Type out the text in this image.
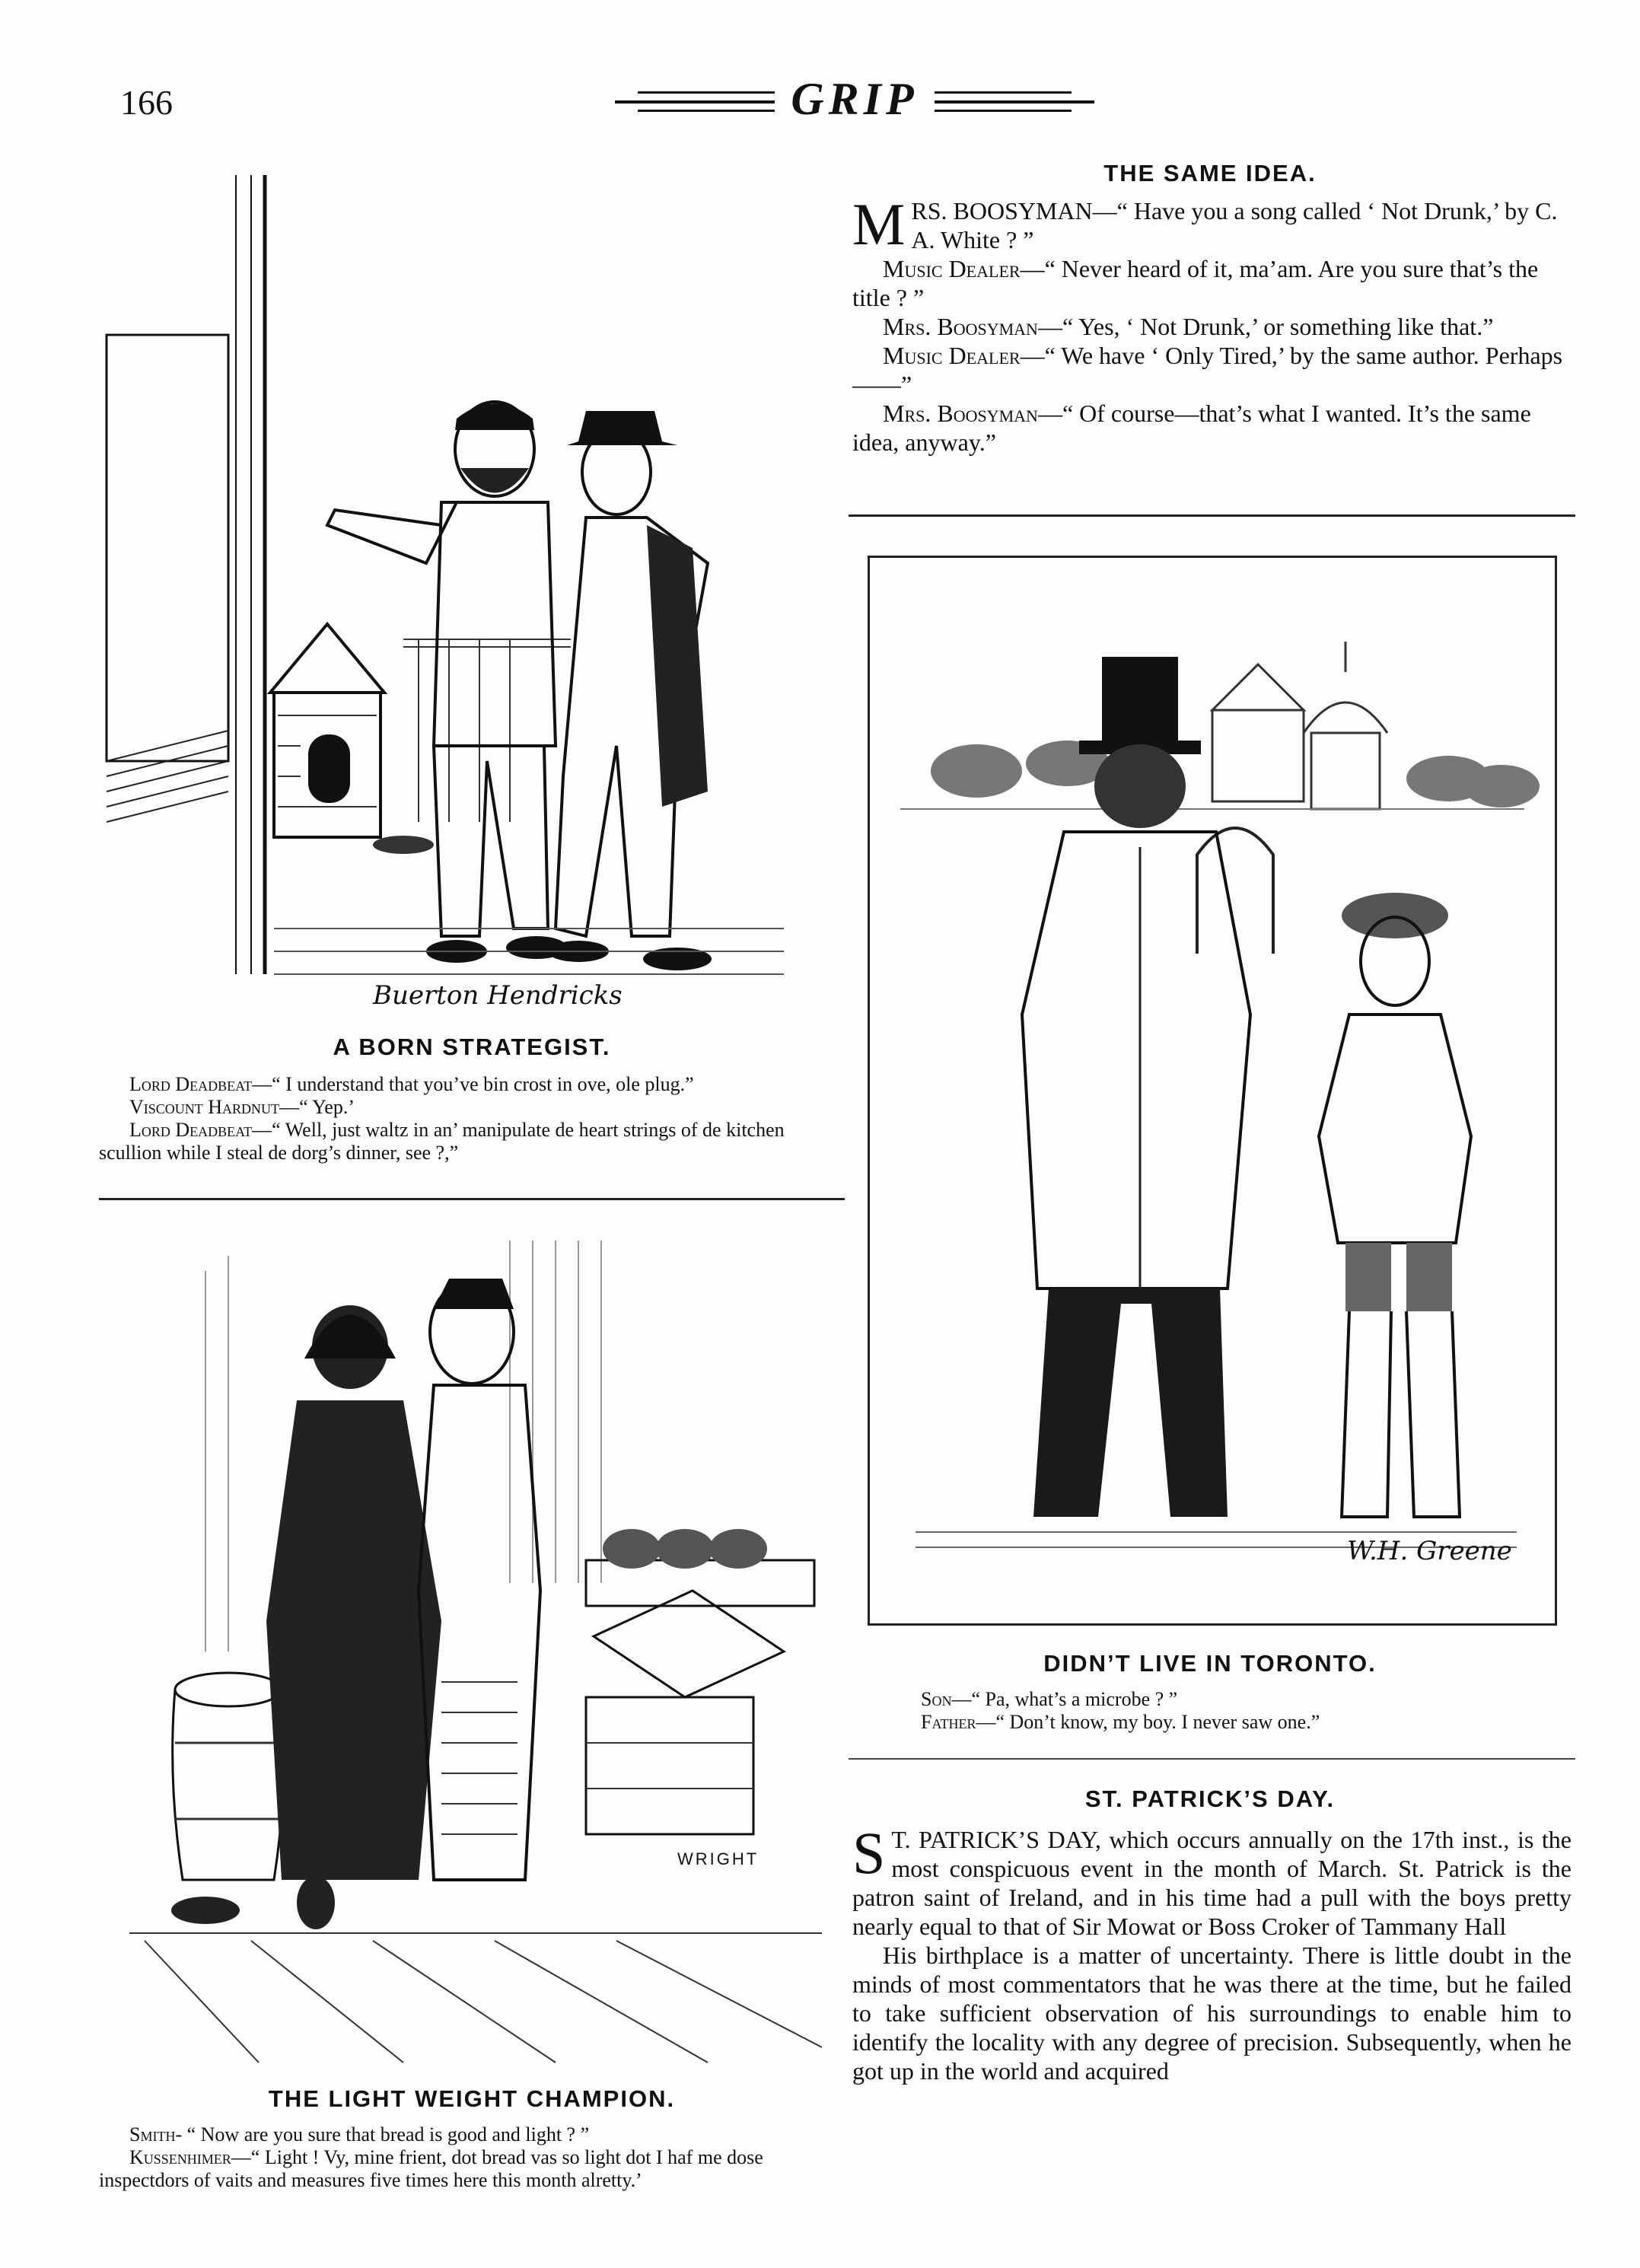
166	GRIP
Buerton Hendricks
A BORN STRATEGIST.

Lord Deadbeat—“ I understand that you’ve bin crost in ove, ole plug.”

Viscount Hardnut—“ Yep.’

Lord Deadbeat—“ Well, just waltz in an’ manipulate de heart strings of de kitchen scullion while I steal de dorg’s dinner, see ?,”

WRIGHT
THE LIGHT WEIGHT CHAMPION.

Smith- “ Now are you sure that bread is good and light ? ”

Kussenhimer—“ Light ! Vy, mine frient, dot bread vas so light dot I haf me dose inspectdors of vaits and measures five times here this month alretty.’

THE SAME IDEA.

MRS. BOOSYMAN—“ Have you a song called ‘ Not Drunk,’ by C. A. White ? ”

Music Dealer—“ Never heard of it, ma’am. Are you sure that’s the title ? ”

Mrs. Boosyman—“ Yes, ‘ Not Drunk,’ or something like that.”

Music Dealer—“ We have ‘ Only Tired,’ by the same author. Perhaps——”

Mrs. Boosyman—“ Of course—that’s what I wanted. It’s the same idea, anyway.”

W.H. Greene
DIDN’T LIVE IN TORONTO.

Son—“ Pa, what’s a microbe ? ”

Father—“ Don’t know, my boy. I never saw one.”

ST. PATRICK’S DAY.

S T. PATRICK’S DAY, which occurs annually on the 17th inst., is the most conspicuous event in the month of March. St. Patrick is the patron saint of Ireland, and in his time had a pull with the boys pretty nearly equal to that of Sir Mowat or Boss Croker of Tammany Hall

His birthplace is a matter of uncertainty. There is little doubt in the minds of most commentators that he was there at the time, but he failed to take sufficient observation of his surroundings to enable him to identify the locality with any degree of precision. Subsequently, when he got up in the world and acquired
